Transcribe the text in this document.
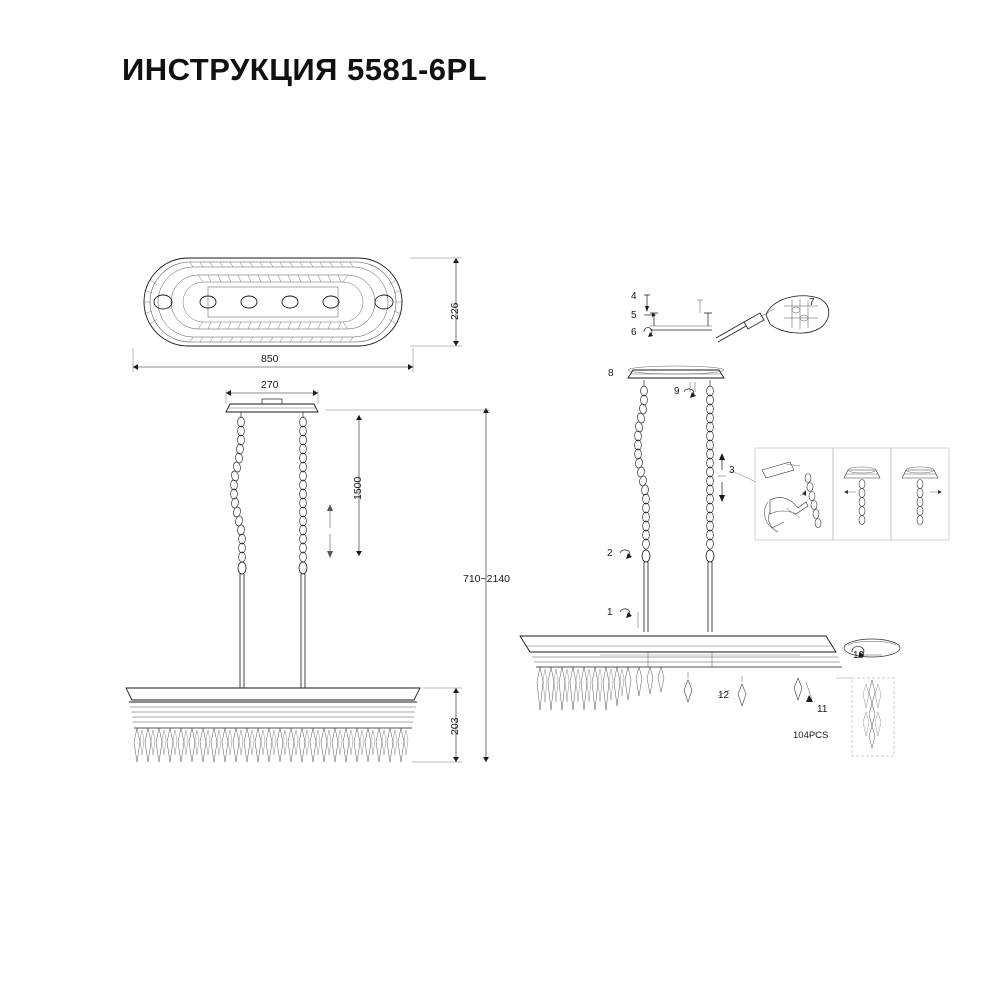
ИНСТРУКЦИЯ 5581-6PL
226
850
270
1500
203
710~2140
4
5
6
7
8
9
3
2
1
10
11
12
104PCS
